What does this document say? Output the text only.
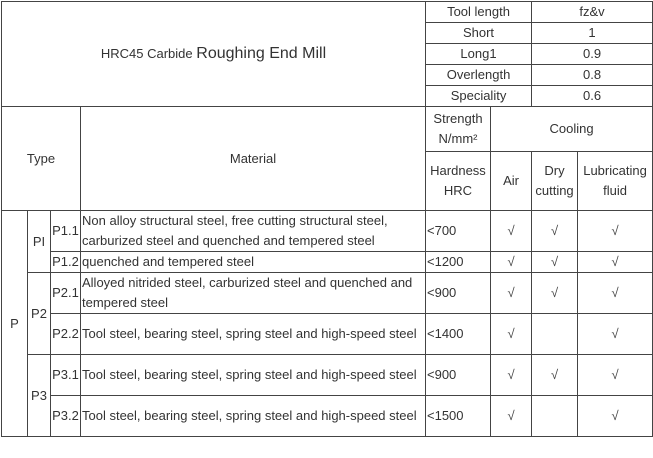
HRC45 Carbide Roughing End Mill				Tool length		fz&v	
				Short		1	
				Long1		0.9	
				Overlength		0.8	
				Speciality		0.6	
Type			Material	Strength N/mm²	Cooling		
				Hardness HRC	Air	Dry cutting	Lubricating fluid
P	PI	P1.1	Non alloy structural steel, free cutting structural steel, carburized steel and quenched and tempered steel	<700	√	√	√
		P1.2	quenched and tempered steel	<1200	√	√	√
	P2	P2.1	Alloyed nitrided steel, carburized steel and quenched and tempered steel	<900	√	√	√
		P2.2	Tool steel, bearing steel, spring steel and high-speed steel	<1400	√		√
	P3	P3.1	Tool steel, bearing steel, spring steel and high-speed steel	<900	√	√	√
		P3.2	Tool steel, bearing steel, spring steel and high-speed steel	<1500	√		√
